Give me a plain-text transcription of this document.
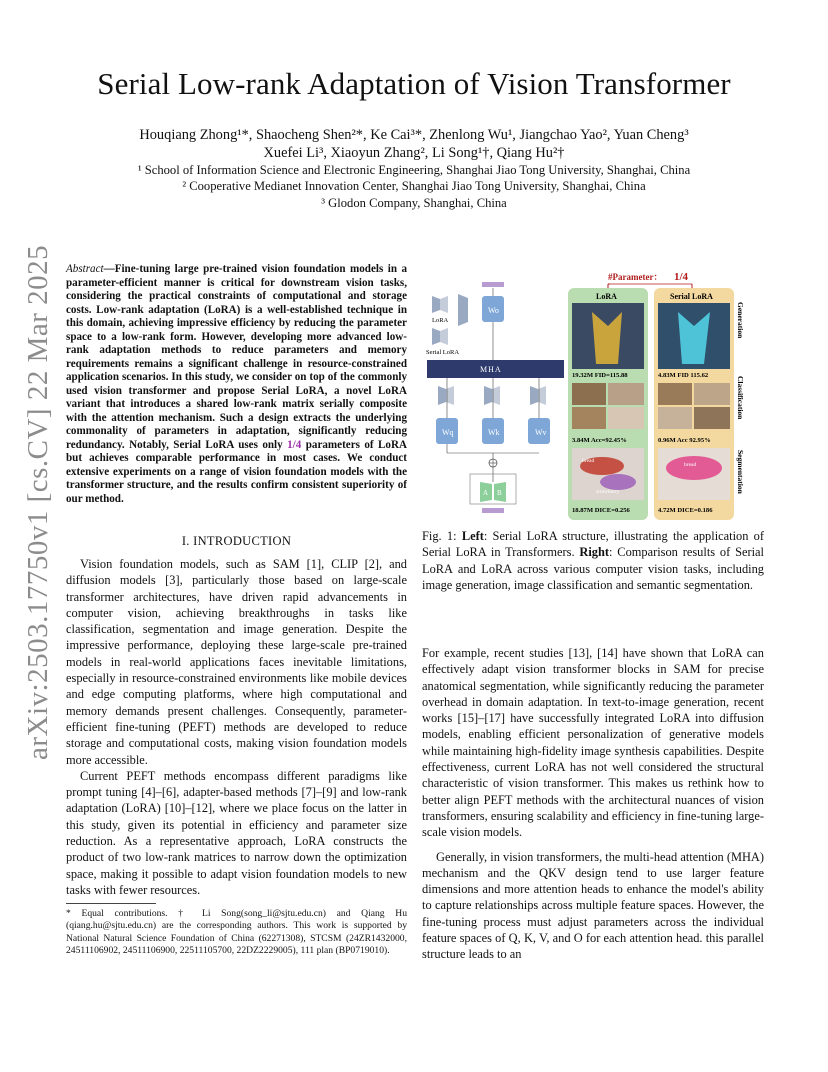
arXiv:2503.17750v1 [cs.CV] 22 Mar 2025
Serial Low-rank Adaptation of Vision Transformer
Houqiang Zhong¹*, Shaocheng Shen²*, Ke Cai³*, Zhenlong Wu¹, Jiangchao Yao², Yuan Cheng³
Xuefei Li³, Xiaoyun Zhang², Li Song¹†, Qiang Hu²†
¹ School of Information Science and Electronic Engineering, Shanghai Jiao Tong University, Shanghai, China
² Cooperative Medianet Innovation Center, Shanghai Jiao Tong University, Shanghai, China
³ Glodon Company, Shanghai, China
Abstract—Fine-tuning large pre-trained vision foundation models in a parameter-efficient manner is critical for downstream vision tasks, considering the practical constraints of computational and storage costs. Low-rank adaptation (LoRA) is a well-established technique in this domain, achieving impressive efficiency by reducing the parameter space to a low-rank form. However, developing more advanced low-rank adaptation methods to reduce parameters and memory requirements remains a significant challenge in resource-constrained application scenarios. In this study, we consider on top of the commonly used vision transformer and propose Serial LoRA, a novel LoRA variant that introduces a shared low-rank matrix serially composite with the attention mechanism. Such a design extracts the underlying commonality of parameters in adaptation, significantly reducing redundancy. Notably, Serial LoRA uses only 1/4 parameters of LoRA but achieves comparable performance in most cases. We conduct extensive experiments on a range of vision foundation models with the transformer structure, and the results confirm consistent superiority of our method.
I. INTRODUCTION

Vision foundation models, such as SAM [1], CLIP [2], and diffusion models [3], particularly those based on large-scale transformer architectures, have driven rapid advancements in computer vision, achieving breakthroughs in tasks like classification, segmentation and image generation. Despite the impressive performance, deploying these large-scale pre-trained models in real-world applications faces inevitable limitations, especially in resource-constrained environments like mobile devices and edge computing platforms, where high computational and memory demands present challenges. Consequently, parameter-efficient fine-tuning (PEFT) methods are developed to reduce storage and computational costs, making vision foundation models more accessible.

Current PEFT methods encompass different paradigms like prompt tuning [4]–[6], adapter-based methods [7]–[9] and low-rank adaptation (LoRA) [10]–[12], where we place focus on the latter in this study, given its potential in efficiency and parameter size reduction. As a representative approach, LoRA constructs the product of two low-rank matrices to narrow down the optimization space, making it possible to adapt vision foundation models to new tasks with fewer resources.

* Equal contributions. † Li Song(song_li@sjtu.edu.cn) and Qiang Hu (qiang.hu@sjtu.edu.cn) are the corresponding authors. This work is supported by National Natural Science Foundation of China (62271308), STCSM (24ZR1432000, 24511106902, 24511106900, 22511105700, 22DZ2229005), 111 plan (BP0719010).
LoRA
Serial LoRA
Wo
MHA
Wq	Wk	Wv
A B
#Parameter： 1/4
LoRA	Serial LoRA
19.32M FID=115.88	4.83M FID 115.62
3.84M Acc=92.45%	0.96M Acc 92.95%
bread
strawberry
bread
18.87M DICE=0.256	4.72M DICE=0.186
Generation
Classification
Segmentation
Fig. 1: Left: Serial LoRA structure, illustrating the application of Serial LoRA in Transformers. Right: Comparison results of Serial LoRA and LoRA across various computer vision tasks, including image generation, image classification and semantic segmentation.

For example, recent studies [13], [14] have shown that LoRA can effectively adapt vision transformer blocks in SAM for precise anatomical segmentation, while significantly reducing the parameter overhead in domain adaptation. In text-to-image generation, recent works [15]–[17] have successfully integrated LoRA into diffusion models, enabling efficient personalization of generative models while maintaining high-fidelity image synthesis capabilities. Despite effectiveness, current LoRA has not well considered the structural characteristic of vision transformer. This makes us rethink how to better align PEFT methods with the architectural nuances of vision transformers, ensuring scalability and efficiency in fine-tuning large-scale vision models.

Generally, in vision transformers, the multi-head attention (MHA) mechanism and the QKV design tend to use larger feature dimensions and more attention heads to enhance the model's ability to capture relationships across multiple feature spaces. However, the fine-tuning process must adjust parameters across the individual feature spaces of Q, K, V, and O for each attention head. this parallel structure leads to an
